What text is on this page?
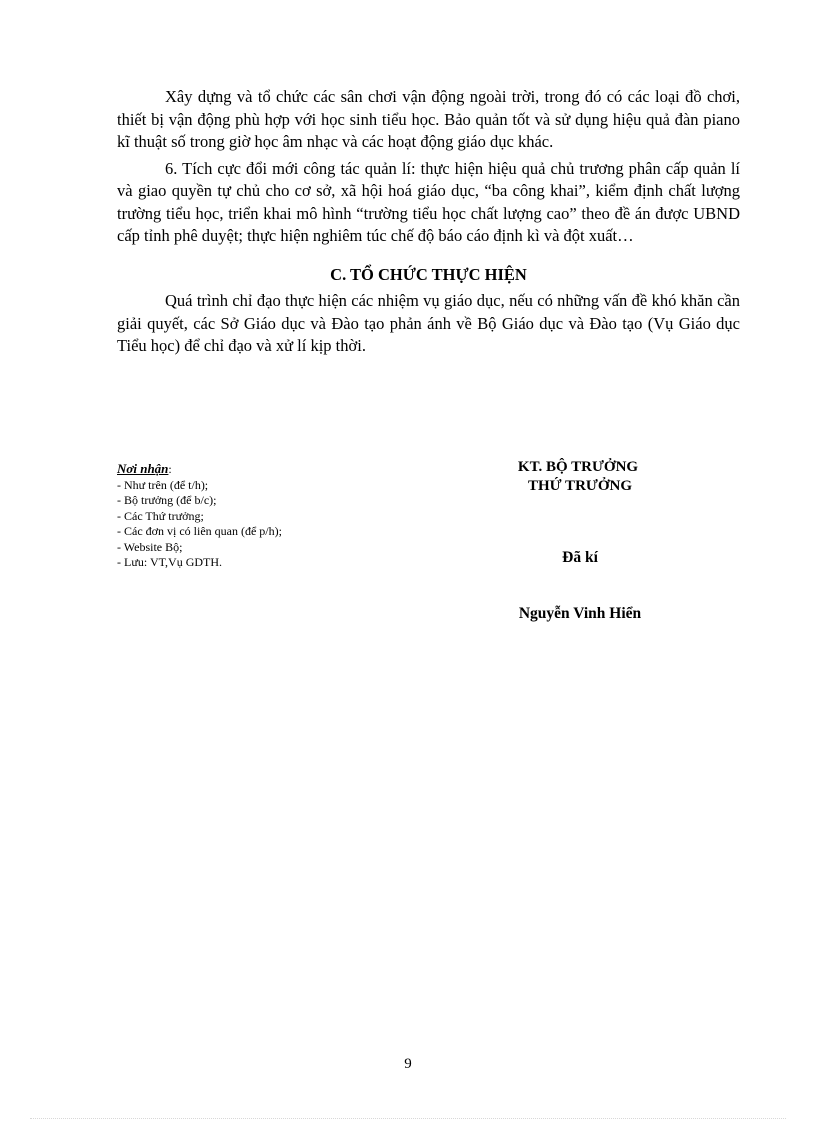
Xây dựng và tổ chức các sân chơi vận động ngoài trời, trong đó có các loại đồ chơi, thiết bị vận động phù hợp với học sinh tiểu học. Bảo quản tốt và sử dụng hiệu quả đàn piano kĩ thuật số trong giờ học âm nhạc và các hoạt động giáo dục khác.

6. Tích cực đổi mới công tác quản lí: thực hiện hiệu quả chủ trương phân cấp quản lí và giao quyền tự chủ cho cơ sở, xã hội hoá giáo dục, “ba công khai”, kiểm định chất lượng trường tiểu học, triển khai mô hình “trường tiểu học chất lượng cao” theo đề án được UBND cấp tỉnh phê duyệt; thực hiện nghiêm túc chế độ báo cáo định kì và đột xuất…

C. TỔ CHỨC THỰC HIỆN

Quá trình chỉ đạo thực hiện các nhiệm vụ giáo dục, nếu có những vấn đề khó khăn cần giải quyết, các Sở Giáo dục và Đào tạo phản ánh về Bộ Giáo dục và Đào tạo (Vụ Giáo dục Tiểu học) để chỉ đạo và xử lí kịp thời.

Nơi nhận:
- Như trên (để t/h);
- Bộ trưởng (để b/c);
- Các Thứ trưởng;
- Các đơn vị có liên quan (để p/h);
- Website Bộ;
- Lưu: VT,Vụ GDTH.
KT. BỘ TRƯỞNG
THỨ TRƯỞNG
Đã kí
Nguyễn Vinh Hiển
9
